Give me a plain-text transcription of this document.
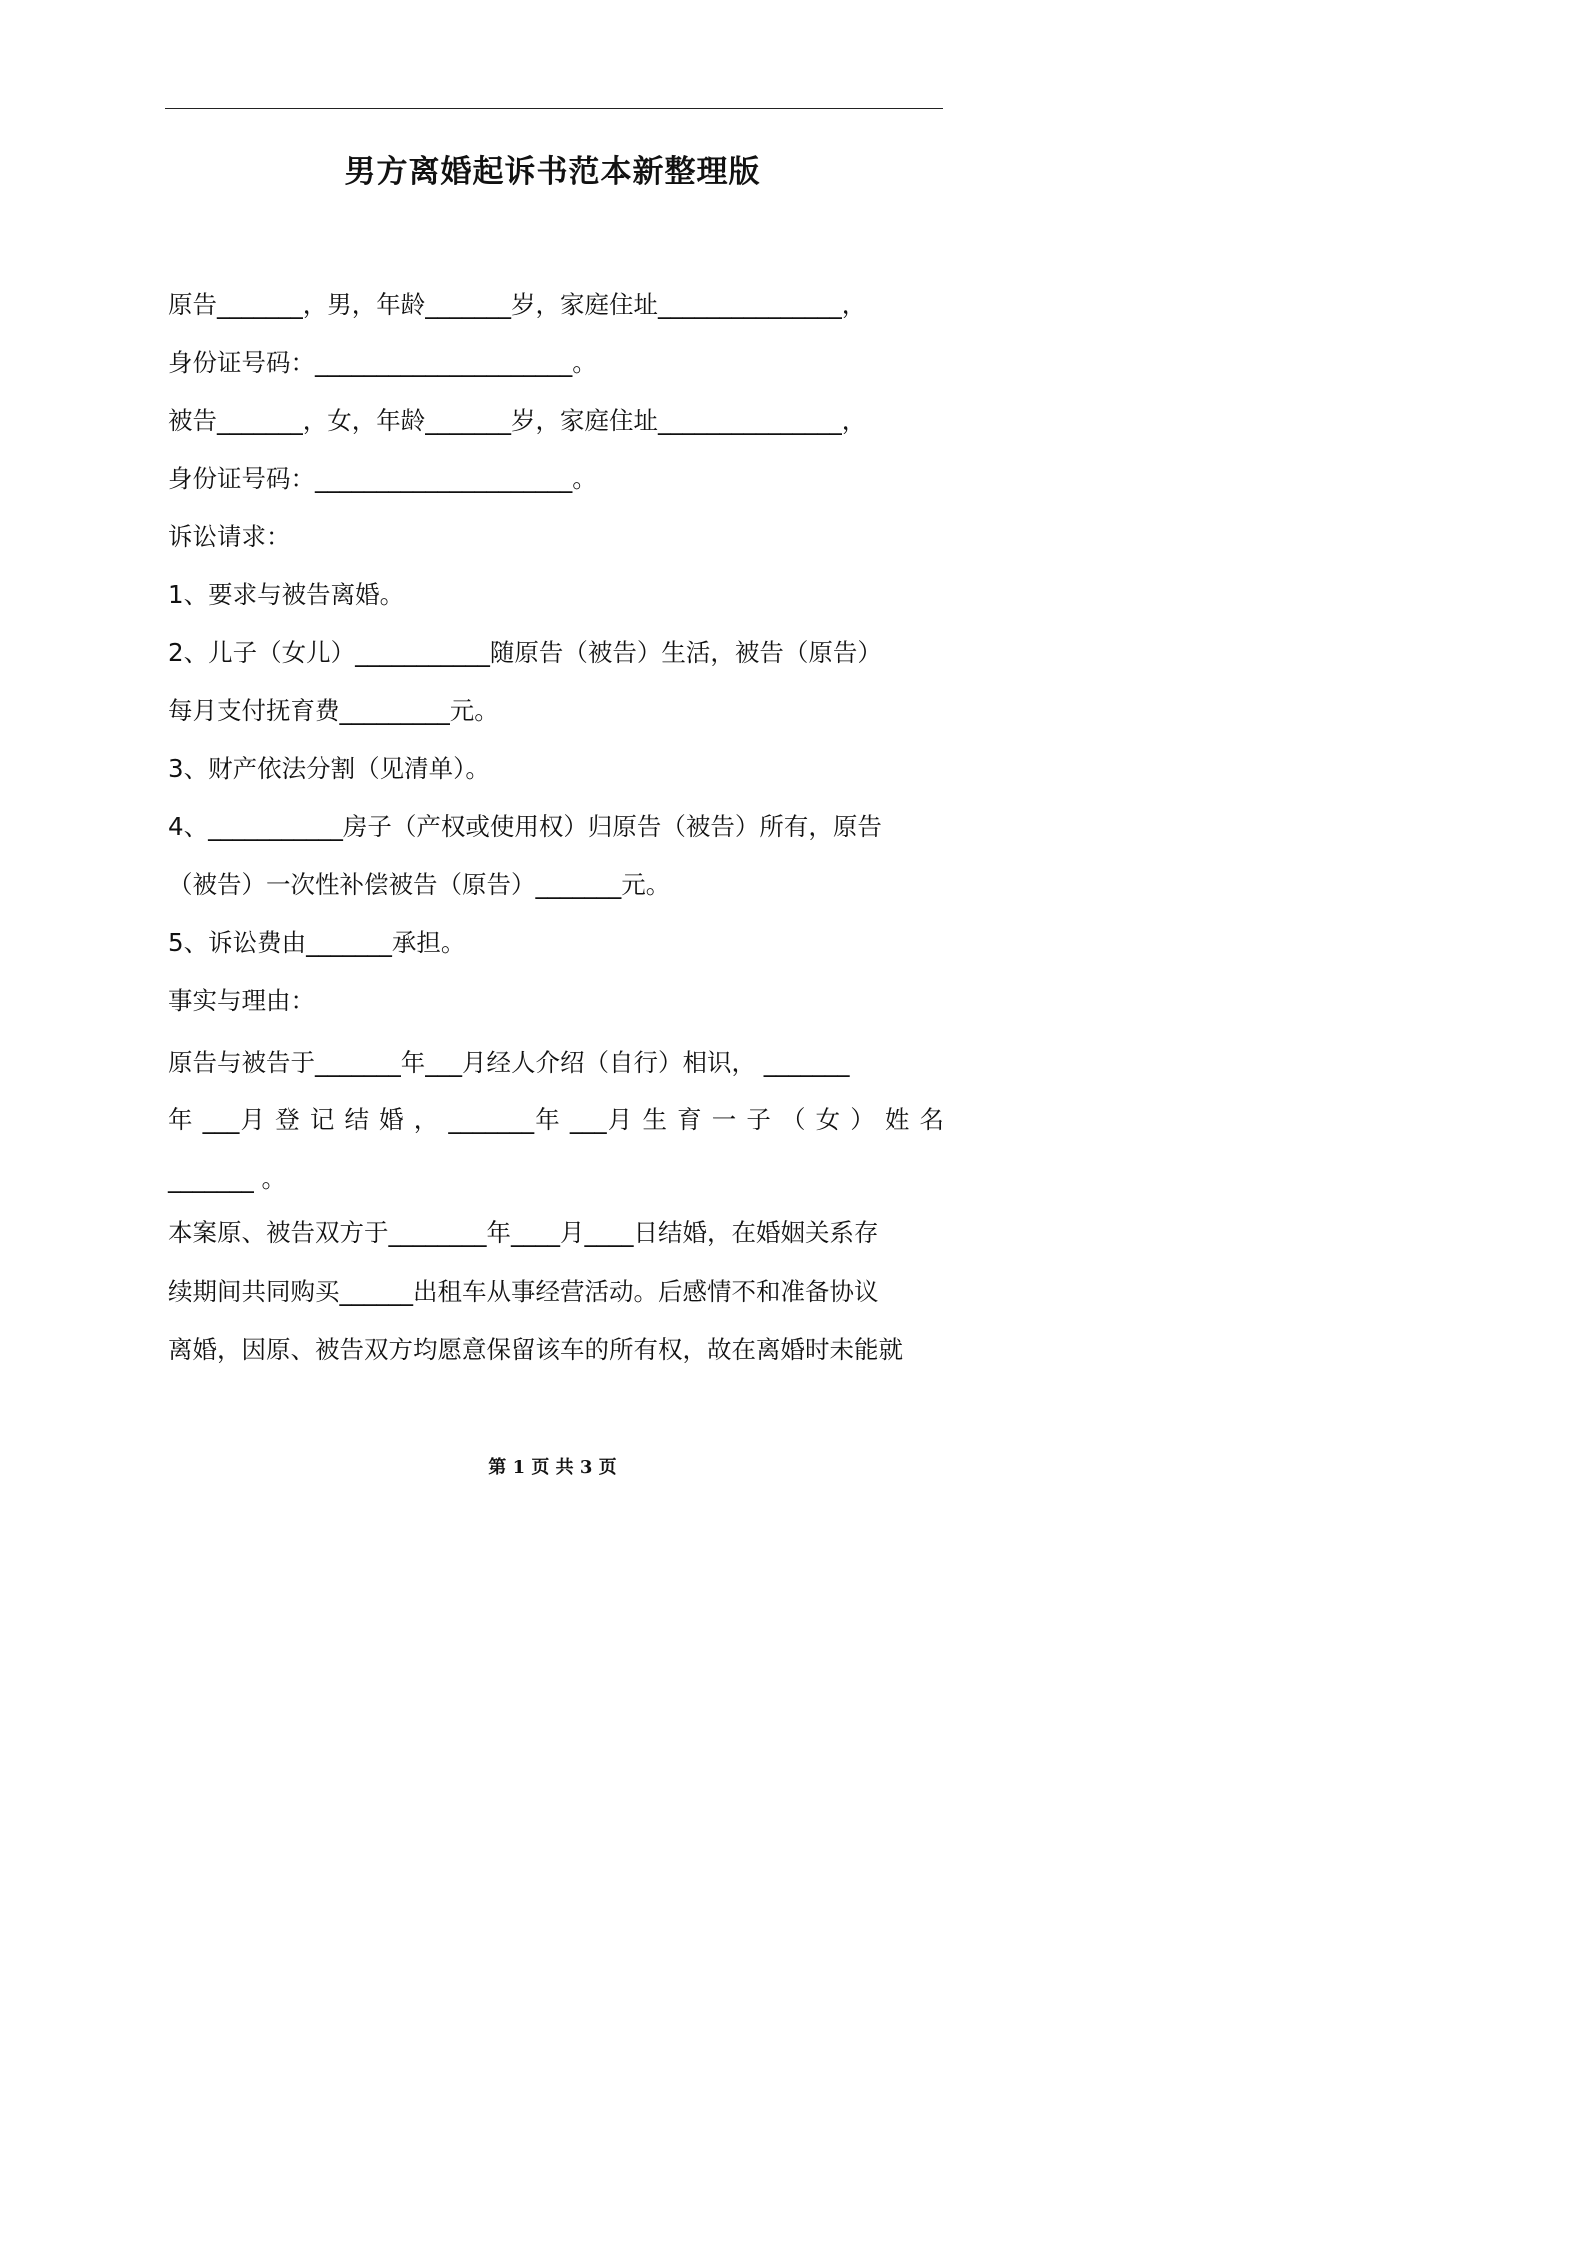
男方离婚起诉书范本新整理版
原告_______，男，年龄_______岁，家庭住址_______________，
身份证号码：_____________________。
被告_______，女，年龄_______岁，家庭住址_______________，
身份证号码：_____________________。
诉讼请求：
1、要求与被告离婚。
2、儿子（女儿）___________随原告（被告）生活，被告（原告）
每月支付抚育费_________元。
3、财产依法分割（见清单）。
4、___________房子（产权或使用权）归原告（被告）所有，原告
（被告）一次性补偿被告（原告）_______元。
5、诉讼费由_______承担。
事实与理由：
原告与被告于_______年___月经人介绍（自行）相识， _______
年 ___月 登 记 结 婚 ， _______年 ___月 生 育 一 子 （ 女 ） 姓 名
_______ 。
本案原、被告双方于________年____月____日结婚，在婚姻关系存
续期间共同购买______出租车从事经营活动。后感情不和准备协议
离婚，因原、被告双方均愿意保留该车的所有权，故在离婚时未能就
第 1 页 共 3 页
